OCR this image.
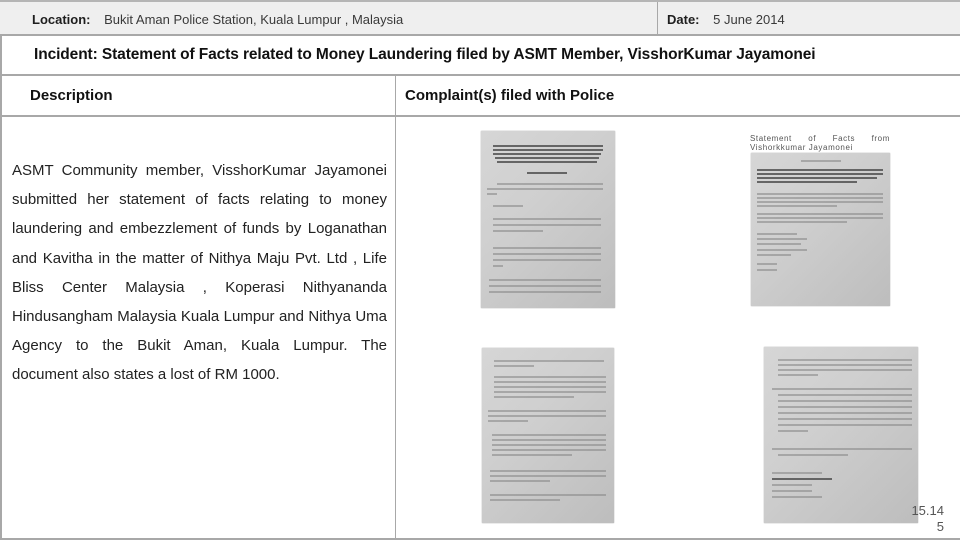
Location: Bukit Aman Police Station, Kuala Lumpur , Malaysia	Date: 5 June 2014
Incident: Statement of Facts related to Money Laundering filed by ASMT Member, VisshorKumar Jayamonei
Description	Complaint(s) filed with Police
ASMT Community member, VisshorKumar Jayamonei submitted her statement of facts relating to money laundering and embezzlement of funds by Loganathan and Kavitha in the matter of Nithya Maju Pvt. Ltd , Life Bliss Center Malaysia , Koperasi Nithyananda Hindusangham Malaysia Kuala Lumpur and Nithya Uma Agency to the Bukit Aman, Kuala Lumpur. The document also states a lost of RM 1000.
Statement of Facts from Vishorkkumar Jayamonei
15.14
5
